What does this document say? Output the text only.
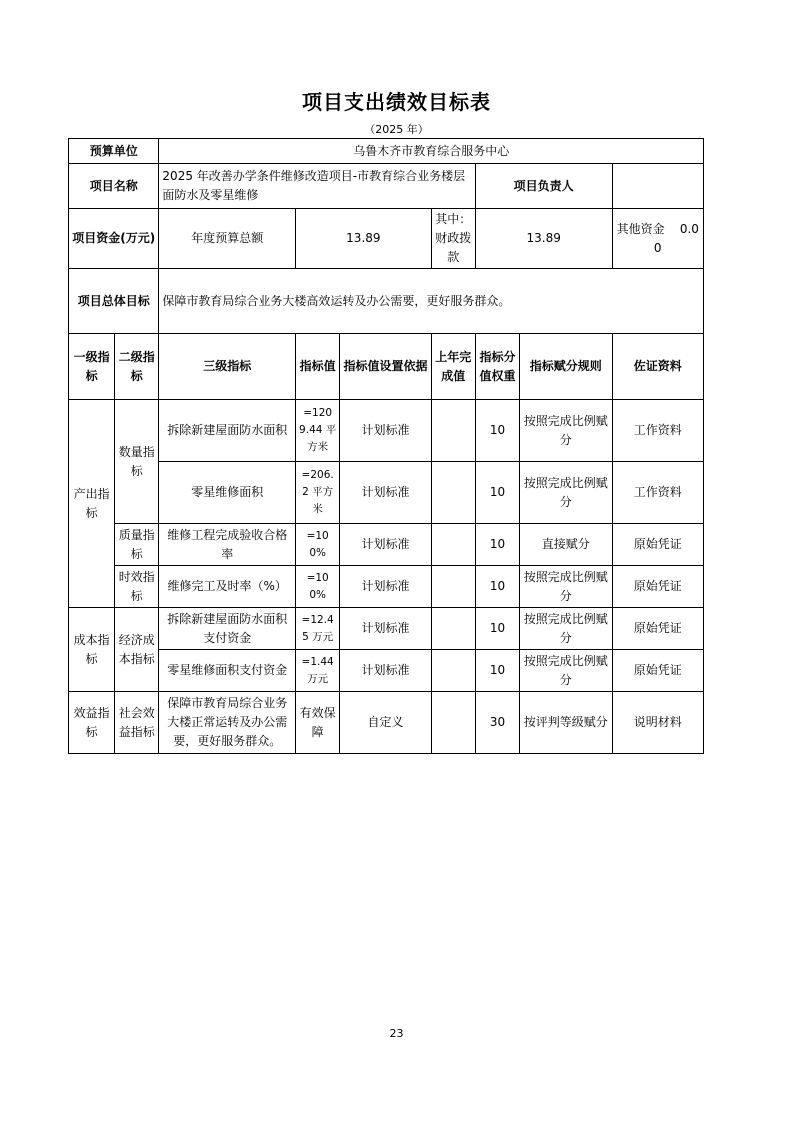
项目支出绩效目标表
（2025 年）
预算单位		乌鲁木齐市教育综合服务中心						
项目名称		2025 年改善办学条件维修改造项目-市教育综合业务楼层面防水及零星维修				项目负责人		
项目资金(万元)		年度预算总额	13.89		其中：财政拨款	13.89		其他资金 0.00
项目总体目标		保障市教育局综合业务大楼高效运转及办公需要，更好服务群众。						
一级指标	二级指标	三级指标	指标值	指标值设置依据	上年完成值	指标分值权重	指标赋分规则	佐证资料
产出指标	数量指标	拆除新建屋面防水面积	=1209.44 平方米	计划标准		10	按照完成比例赋分	工作资料
		零星维修面积	=206.2 平方米	计划标准		10	按照完成比例赋分	工作资料
	质量指标	维修工程完成验收合格率	=100%	计划标准		10	直接赋分	原始凭证
	时效指标	维修完工及时率（%）	=100%	计划标准		10	按照完成比例赋分	原始凭证
成本指标	经济成本指标	拆除新建屋面防水面积支付资金	=12.45 万元	计划标准		10	按照完成比例赋分	原始凭证
		零星维修面积支付资金	=1.44 万元	计划标准		10	按照完成比例赋分	原始凭证
效益指标	社会效益指标	保障市教育局综合业务大楼正常运转及办公需要，更好服务群众。	有效保障	自定义		30	按评判等级赋分	说明材料
23
